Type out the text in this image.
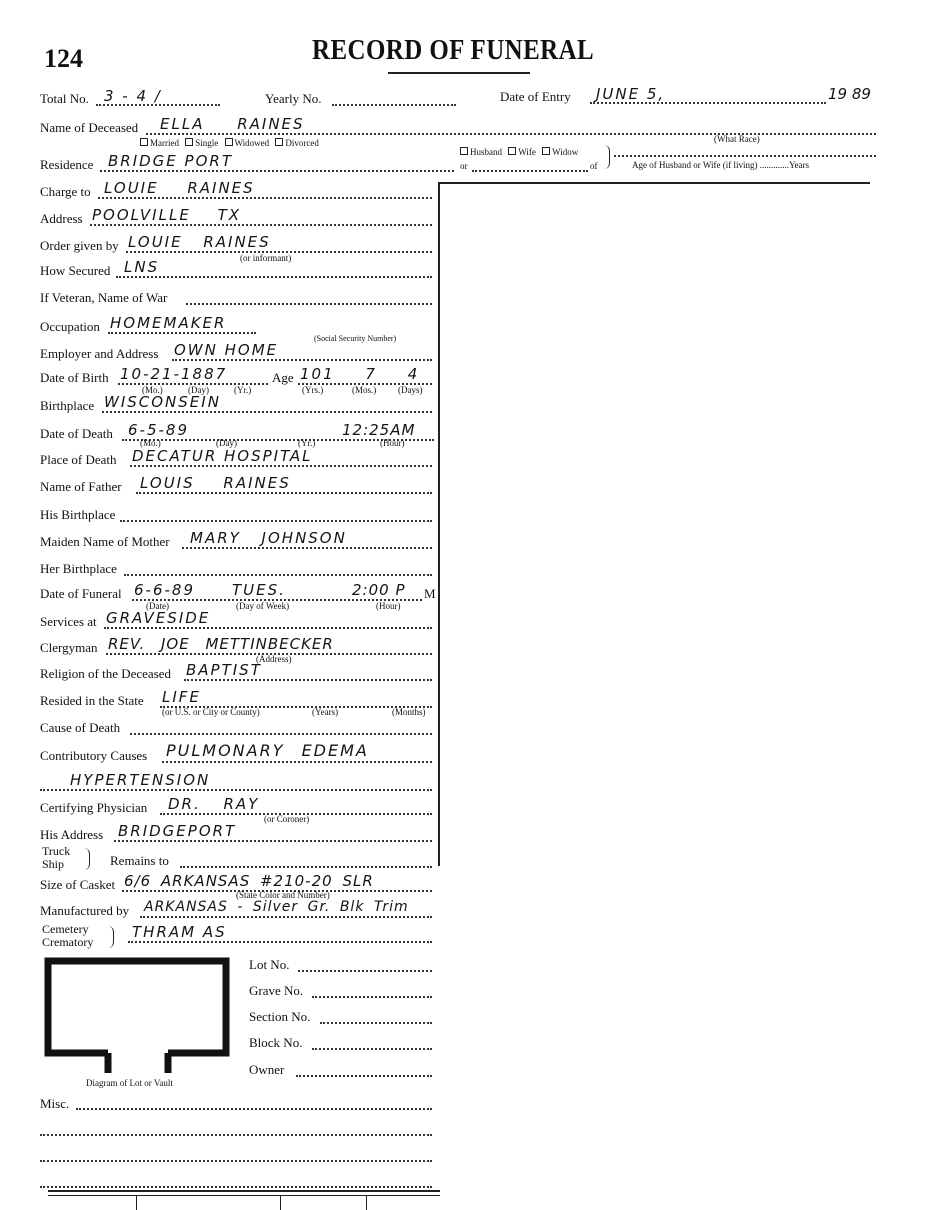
124	RECORD OF FUNERAL
Total No. 3 - 4 /	Yearly No.	Date of Entry JUNE 5,	19 89
Name of Deceased ELLA RAINES
Married Single Widowed Divorced	(What Race)
Residence BRIDGE PORT	Husband Wife Widow
or	of	Age of Husband or Wife (if living) .............Years
Charge to LOUIE RAINES
Address POOLVILLE TX
Order given by LOUIE RAINES
(or informant)
How Secured LNS
If Veteran, Name of War
Occupation HOMEMAKER
(Social Security Number)
Employer and Address OWN HOME
Date of Birth 10-21-1887	Age 101 7 4
(Mo.)	(Day)	(Yr.)	(Yrs.)	(Mos.) (Days)
Birthplace WISCONSEIN
Date of Death 6-5-89	12:25AM
(Mo.)	(Day)	(Yr.)	(Hour)
Place of Death DECATUR HOSPITAL
Name of Father LOUIS RAINES
His Birthplace
Maiden Name of Mother MARY JOHNSON
Her Birthplace
Date of Funeral 6-6-89 TUES.	2:00 P M
(Date)	(Day of Week)	(Hour)
Services at GRAVESIDE
Clergyman REV. JOE METTINBECKER
(Address)
Religion of the Deceased BAPTIST
Resided in the State LIFE
(or U.S. or City or County)	(Years)	(Months)
Cause of Death
Contributory Causes PULMONARY EDEMA
HYPERTENSION
Certifying Physician DR. RAY
(or Coroner)
His Address BRIDGEPORT
Truck
Ship	Remains to
Size of Casket 6/6 ARKANSAS #210-20 SLR
(State Color and Number)
Manufactured by ARKANSAS - Silver Gr. Blk Trim
Cemetery
Crematory
THRAM AS
Diagram of Lot or Vault
Lot No.
Grave No.
Section No.
Block No.
Owner
Misc.
